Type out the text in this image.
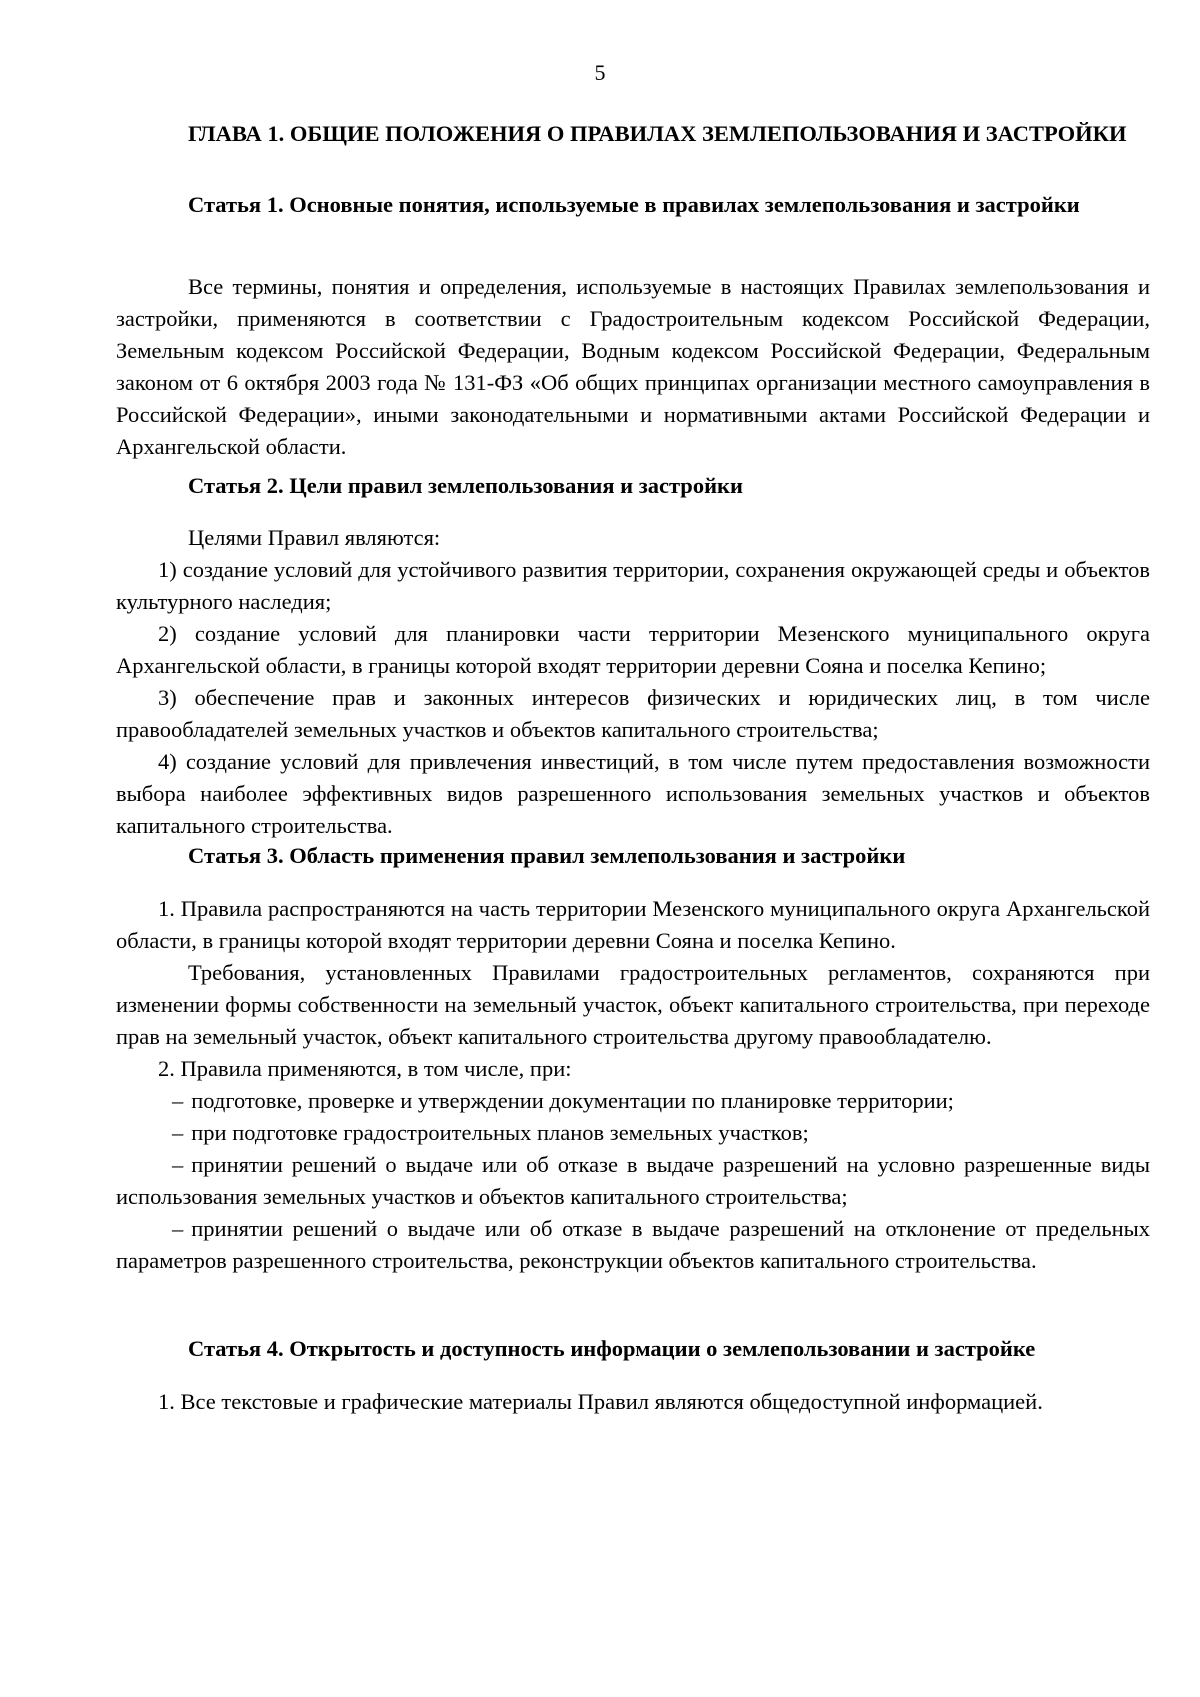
5
ГЛАВА 1. ОБЩИЕ ПОЛОЖЕНИЯ О ПРАВИЛАХ ЗЕМЛЕПОЛЬЗОВАНИЯ И ЗАСТРОЙКИ
Статья 1. Основные понятия, используемые в правилах землепользования и застройки
Все термины, понятия и определения, используемые в настоящих Правилах землепользования и застройки, применяются в соответствии с Градостроительным кодексом Российской Федерации, Земельным кодексом Российской Федерации, Водным кодексом Российской Федерации, Федеральным законом от 6 октября 2003 года № 131-ФЗ «Об общих принципах организации местного самоуправления в Российской Федерации», иными законодательными и нормативными актами Российской Федерации и Архангельской области.
Статья 2. Цели правил землепользования и застройки
Целями Правил являются:
1) создание условий для устойчивого развития территории, сохранения окружающей среды и объектов культурного наследия;
2) создание условий для планировки части территории Мезенского муниципального округа Архангельской области, в границы которой входят территории деревни Сояна и поселка Кепино;
3) обеспечение прав и законных интересов физических и юридических лиц, в том числе правообладателей земельных участков и объектов капитального строительства;
4) создание условий для привлечения инвестиций, в том числе путем предоставления возможности выбора наиболее эффективных видов разрешенного использования земельных участков и объектов капитального строительства.
Статья 3. Область применения правил землепользования и застройки
1. Правила распространяются на часть территории Мезенского муниципального округа Архангельской области, в границы которой входят территории деревни Сояна и поселка Кепино.
Требования, установленных Правилами градостроительных регламентов, сохраняются при изменении формы собственности на земельный участок, объект капитального строительства, при переходе прав на земельный участок, объект капитального строительства другому правообладателю.
2. Правила применяются, в том числе, при:
– подготовке, проверке и утверждении документации по планировке территории;
– при подготовке градостроительных планов земельных участков;
– принятии решений о выдаче или об отказе в выдаче разрешений на условно разрешенные виды использования земельных участков и объектов капитального строительства;
– принятии решений о выдаче или об отказе в выдаче разрешений на отклонение от предельных параметров разрешенного строительства, реконструкции объектов капитального строительства.
Статья 4. Открытость и доступность информации о землепользовании и застройке
1. Все текстовые и графические материалы Правил являются общедоступной информацией.
